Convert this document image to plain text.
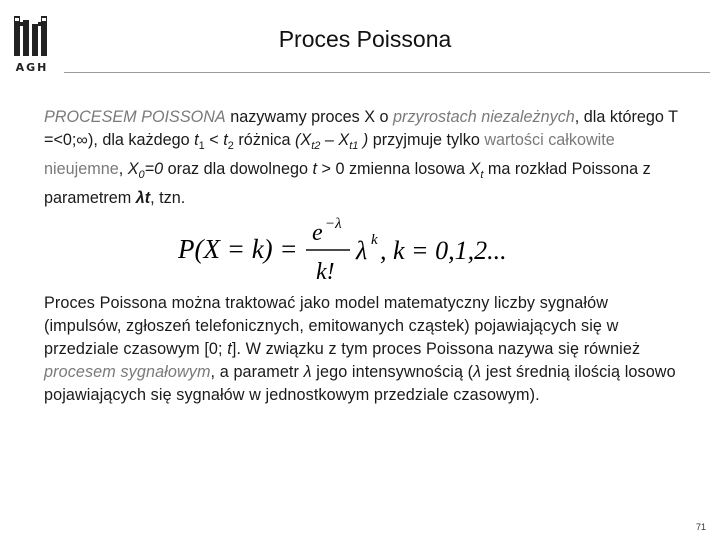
AGH
Proces Poissona
PROCESEM POISSONA nazywamy proces X o przyrostach niezależnych, dla którego T =<0;∞), dla każdego $t_1 < t_2$ różnica ($X_{t2} - X_{t1}$ ) przyjmuje tylko wartości całkowite nieujemne, $X_0=0$ oraz dla dowolnego t > 0 zmienna losowa $X_t$ ma rozkład Poissona z parametrem λt, tzn.
P(X = k) =
e −λ
k!
λ k , k = 0,1,2...
Proces Poissona można traktować jako model matematyczny liczby sygnałów (impulsów, zgłoszeń telefonicznych, emitowanych cząstek) pojawiających się w przedziale czasowym [0; t]. W związku z tym proces Poissona nazywa się również procesem sygnałowym, a parametr λ jego intensywnością (λ jest średnią ilością losowo pojawiających się sygnałów w jednostkowym przedziale czasowym).
71
